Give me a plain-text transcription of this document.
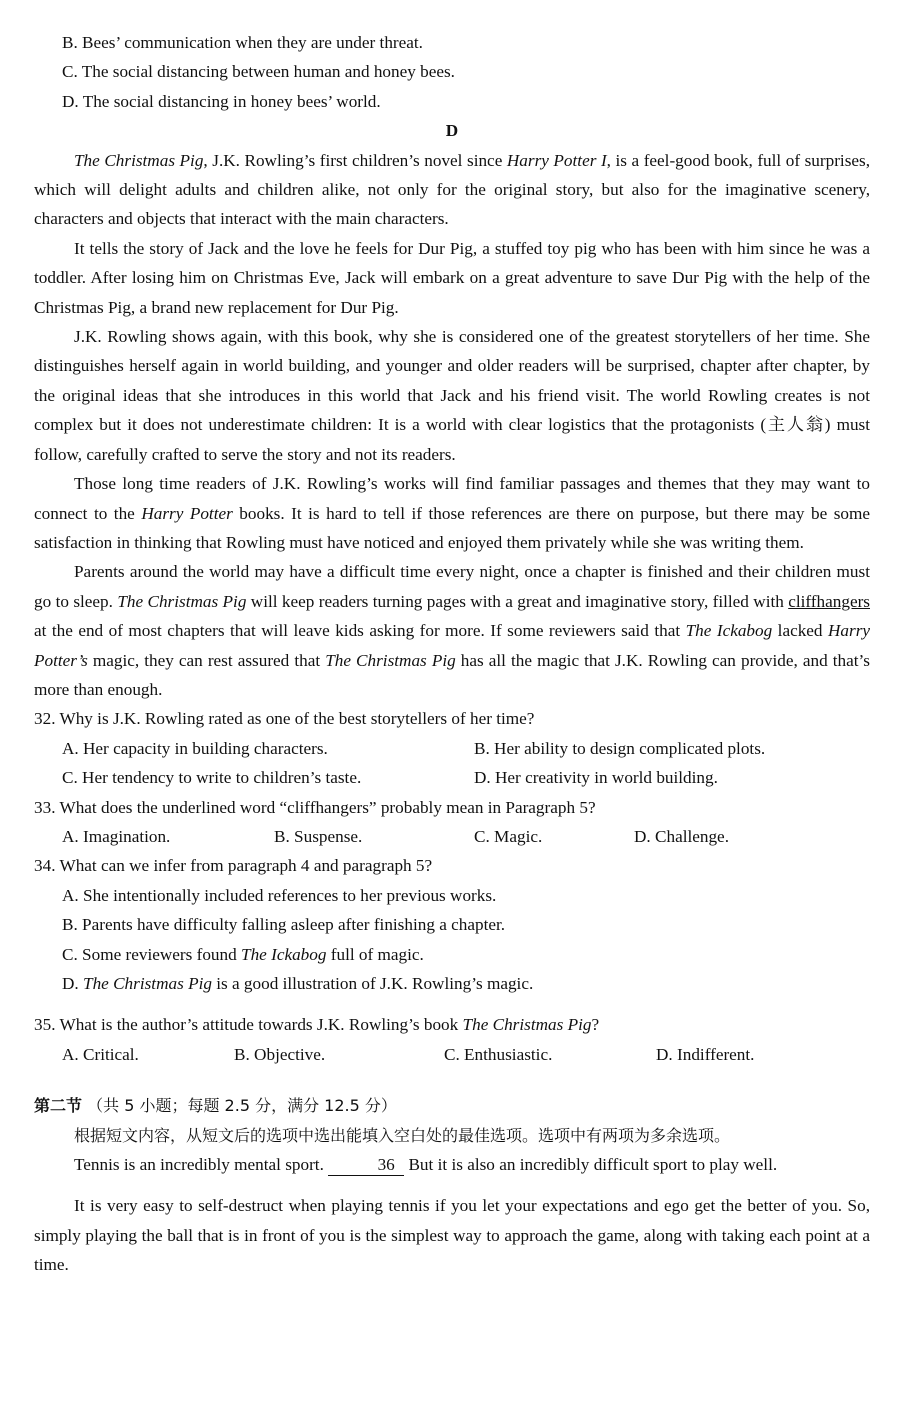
B. Bees’ communication when they are under threat.

C. The social distancing between human and honey bees.

D. The social distancing in honey bees’ world.

D

The Christmas Pig, J.K. Rowling’s first children’s novel since Harry Potter I, is a feel-good book, full of surprises, which will delight adults and children alike, not only for the original story, but also for the imaginative scenery, characters and objects that interact with the main characters.

It tells the story of Jack and the love he feels for Dur Pig, a stuffed toy pig who has been with him since he was a toddler. After losing him on Christmas Eve, Jack will embark on a great adventure to save Dur Pig with the help of the Christmas Pig, a brand new replacement for Dur Pig.

J.K. Rowling shows again, with this book, why she is considered one of the greatest storytellers of her time. She distinguishes herself again in world building, and younger and older readers will be surprised, chapter after chapter, by the original ideas that she introduces in this world that Jack and his friend visit. The world Rowling creates is not complex but it does not underestimate children: It is a world with clear logistics that the protagonists (主人翁) must follow, carefully crafted to serve the story and not its readers.

Those long time readers of J.K. Rowling’s works will find familiar passages and themes that they may want to connect to the Harry Potter books. It is hard to tell if those references are there on purpose, but there may be some satisfaction in thinking that Rowling must have noticed and enjoyed them privately while she was writing them.

Parents around the world may have a difficult time every night, once a chapter is finished and their children must go to sleep. The Christmas Pig will keep readers turning pages with a great and imaginative story, filled with cliffhangers at the end of most chapters that will leave kids asking for more. If some reviewers said that The Ickabog lacked Harry Potter’s magic, they can rest assured that The Christmas Pig has all the magic that J.K. Rowling can provide, and that’s more than enough.

32. Why is J.K. Rowling rated as one of the best storytellers of her time?

A. Her capacity in building characters.	B. Her ability to design complicated plots.
C. Her tendency to write to children’s taste.	D. Her creativity in world building.

33. What does the underlined word “cliffhangers” probably mean in Paragraph 5?

A. Imagination.	B. Suspense.	C. Magic.	D. Challenge.

34. What can we infer from paragraph 4 and paragraph 5?

A. She intentionally included references to her previous works.

B. Parents have difficulty falling asleep after finishing a chapter.

C. Some reviewers found The Ickabog full of magic.

D. The Christmas Pig is a good illustration of J.K. Rowling’s magic.

35. What is the author’s attitude towards J.K. Rowling’s book The Christmas Pig?

A. Critical.	B. Objective.	C. Enthusiastic.	D. Indifferent.

第二节 （共 5 小题；每题 2.5 分，满分 12.5 分）

根据短文内容，从短文后的选项中选出能填入空白处的最佳选项。选项中有两项为多余选项。

Tennis is an incredibly mental sport.	36 But it is also an incredibly difficult sport to play well.

It is very easy to self-destruct when playing tennis if you let your expectations and ego get the better of you. So, simply playing the ball that is in front of you is the simplest way to approach the game, along with taking each point at a time.
